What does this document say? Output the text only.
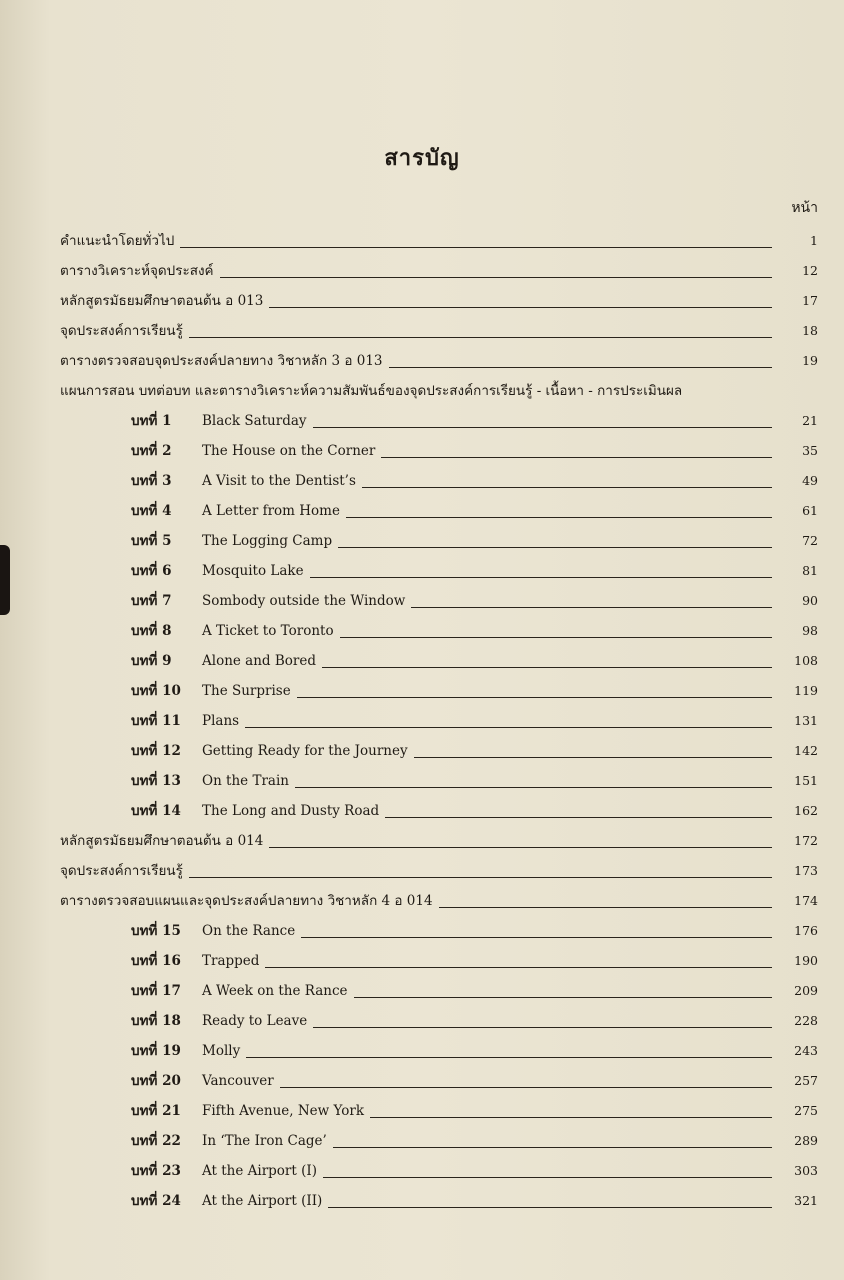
สารบัญ
หน้า
คำแนะนำโดยทั่วไป	1
ตารางวิเคราะห์จุดประสงค์	12
หลักสูตรมัธยมศึกษาตอนต้น อ 013	17
จุดประสงค์การเรียนรู้	18
ตารางตรวจสอบจุดประสงค์ปลายทาง วิชาหลัก 3 อ 013	19
แผนการสอน บทต่อบท และตารางวิเคราะห์ความสัมพันธ์ของจุดประสงค์การเรียนรู้ - เนื้อหา - การประเมินผล
บทที่ 1 Black Saturday	21
บทที่ 2 The House on the Corner	35
บทที่ 3 A Visit to the Dentist’s	49
บทที่ 4 A Letter from Home	61
บทที่ 5 The Logging Camp	72
บทที่ 6 Mosquito Lake	81
บทที่ 7 Sombody outside the Window	90
บทที่ 8 A Ticket to Toronto	98
บทที่ 9 Alone and Bored	108
บทที่ 10 The Surprise	119
บทที่ 11 Plans	131
บทที่ 12 Getting Ready for the Journey	142
บทที่ 13 On the Train	151
บทที่ 14 The Long and Dusty Road	162
หลักสูตรมัธยมศึกษาตอนต้น อ 014	172
จุดประสงค์การเรียนรู้	173
ตารางตรวจสอบแผนและจุดประสงค์ปลายทาง วิชาหลัก 4 อ 014	174
บทที่ 15 On the Rance	176
บทที่ 16 Trapped	190
บทที่ 17 A Week on the Rance	209
บทที่ 18 Ready to Leave	228
บทที่ 19 Molly	243
บทที่ 20 Vancouver	257
บทที่ 21 Fifth Avenue, New York	275
บทที่ 22 In ‘The Iron Cage’	289
บทที่ 23 At the Airport (I)	303
บทที่ 24 At the Airport (II)	321
